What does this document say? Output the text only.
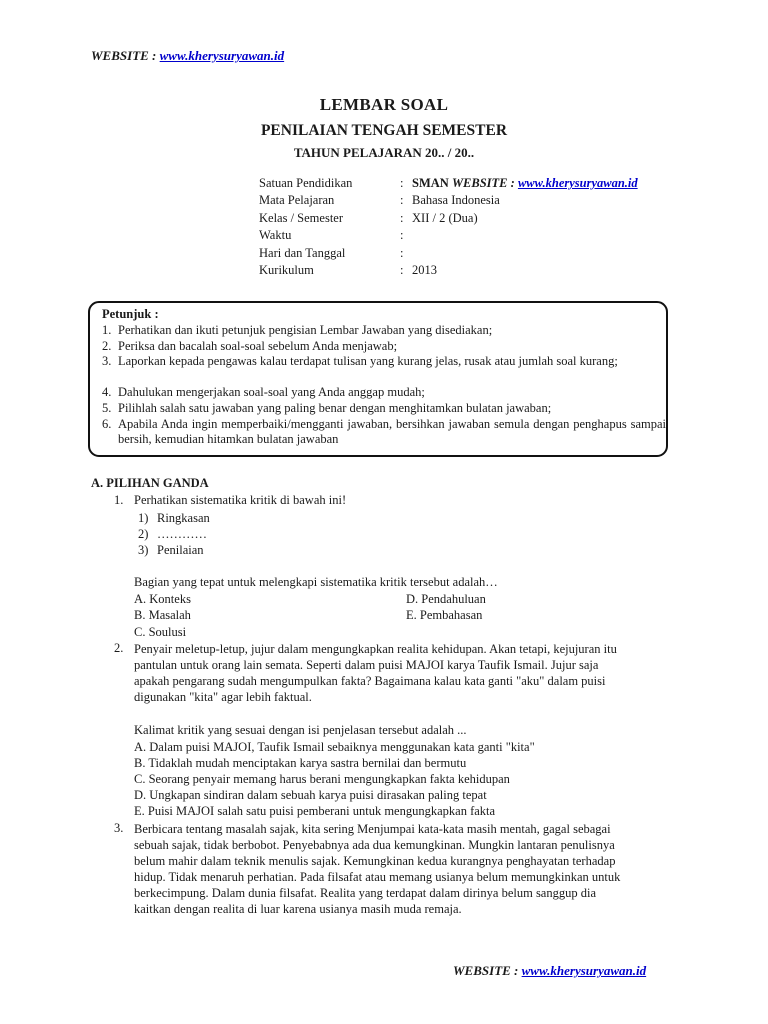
WEBSITE : www.kherysuryawan.id
LEMBAR SOAL
PENILAIAN TENGAH SEMESTER
TAHUN PELAJARAN 20.. / 20..
Satuan Pendidikan	: SMAN WEBSITE : www.kherysuryawan.id
Mata Pelajaran	: Bahasa Indonesia
Kelas / Semester	: XII / 2 (Dua)
Waktu	:
Hari dan Tanggal	:
Kurikulum	: 2013
Petunjuk :
1. Perhatikan dan ikuti petunjuk pengisian Lembar Jawaban yang disediakan;
2. Periksa dan bacalah soal-soal sebelum Anda menjawab;
3. Laporkan kepada pengawas kalau terdapat tulisan yang kurang jelas, rusak atau jumlah soal kurang;
4. Dahulukan mengerjakan soal-soal yang Anda anggap mudah;
5. Pilihlah salah satu jawaban yang paling benar dengan menghitamkan bulatan jawaban;
6. Apabila Anda ingin memperbaiki/mengganti jawaban, bersihkan jawaban semula dengan penghapus sampai bersih, kemudian hitamkan bulatan jawaban
A. PILIHAN GANDA
1. Perhatikan sistematika kritik di bawah ini!
1) Ringkasan
2) …………
3) Penilaian
Bagian yang tepat untuk melengkapi sistematika kritik tersebut adalah…
A. Konteks
B. Masalah
C. Soulusi
D. Pendahuluan
E. Pembahasan
2. Penyair meletup-letup, jujur dalam mengungkapkan realita kehidupan. Akan tetapi, kejujuran itu
pantulan untuk orang lain semata. Seperti dalam puisi MAJOI karya Taufik Ismail. Jujur saja
apakah pengarang sudah mengumpulkan fakta? Bagaimana kalau kata ganti "aku" dalam puisi
digunakan "kita" agar lebih faktual.
Kalimat kritik yang sesuai dengan isi penjelasan tersebut adalah ...
A. Dalam puisi MAJOI, Taufik Ismail sebaiknya menggunakan kata ganti "kita"
B. Tidaklah mudah menciptakan karya sastra bernilai dan bermutu
C. Seorang penyair memang harus berani mengungkapkan fakta kehidupan
D. Ungkapan sindiran dalam sebuah karya puisi dirasakan paling tepat
E. Puisi MAJOI salah satu puisi pemberani untuk mengungkapkan fakta
3. Berbicara tentang masalah sajak, kita sering Menjumpai kata-kata masih mentah, gagal sebagai
sebuah sajak, tidak berbobot. Penyebabnya ada dua kemungkinan. Mungkin lantaran penulisnya
belum mahir dalam teknik menulis sajak. Kemungkinan kedua kurangnya penghayatan terhadap
hidup. Tidak menaruh perhatian. Pada filsafat atau memang usianya belum memungkinkan untuk
berkecimpung. Dalam dunia filsafat. Realita yang terdapat dalam dirinya belum sanggup dia
kaitkan dengan realita di luar karena usianya masih muda remaja.
WEBSITE : www.kherysuryawan.id
